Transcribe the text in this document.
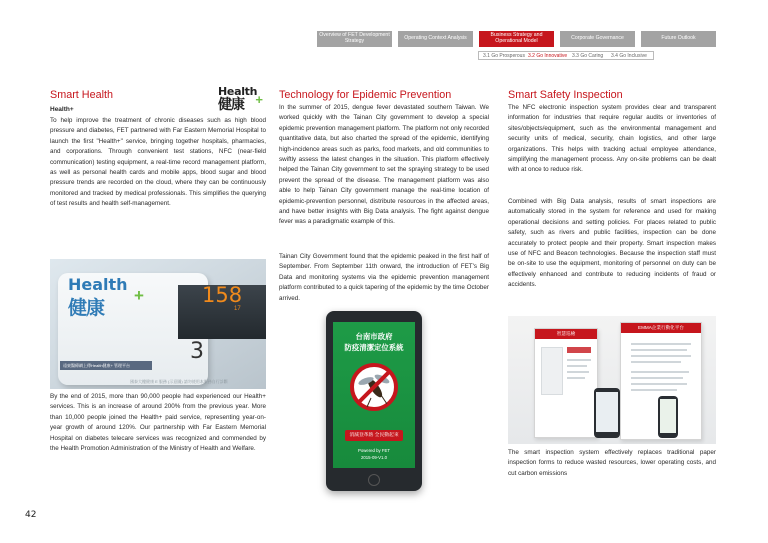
Overview of FET Development Strategy	Operating Context Analysis	Business Strategy and Operational Model	Corporate Governance	Future Outlook
3.1 Go Prosperous 3.2 Go Innovative 3.3 Go Caring 3.4 Go Inclusive
Smart Health	Health
健康 +
Health+
To help improve the treatment of chronic diseases such as high blood pressure and diabetes, FET partnered with Far Eastern Memorial Hospital to launch the first "Health+" service, bringing together hospitals, pharmacies, and corporations. Through convenient test stations, NFC (near-field communication) testing equipment, a real-time record management platform, as well as personal health cards and mobile apps, blood sugar and blood pressure trends are recorded on the cloud, where they can be continuously monitored and tracked by medical professionals. This simplifies the querying of test results and health self-management.
Health
健康
+	158
17
3
遠東醫療網上傳Health健康+ 管理平台
國泰大樓健康 E 服務 (示意圖) 請勿使用本服務自行診斷
By the end of 2015, more than 90,000 people had experienced our Health+ services. This is an increase of around 200% from the previous year. More than 10,000 people joined the Health+ paid service, representing year-on-year growth of around 120%. Our partnership with Far Eastern Memorial Hospital on diabetes telecare services was recognized and commended by the Health Promotion Administration of the Ministry of Health and Welfare.
Technology for Epidemic Prevention
In the summer of 2015, dengue fever devastated southern Taiwan. We worked quickly with the Tainan City government to develop a special epidemic prevention management platform. The platform not only recorded quantitative data, but also charted the spread of the epidemic, identifying high-incidence areas such as parks, food markets, and old communities to swiftly assess the latest changes in the situation. This platform effectively helped the Tainan City government to set the spraying strategy to be used prevent the spread of the disease. The management platform was also able to help Tainan City government manage the real-time location of epidemic-prevention personnel, distribute resources in the affected areas, and have better insights with Big Data analysis. The fight against dengue fever was a paradigmatic example of this.
Tainan City Government found that the epidemic peaked in the first half of September. From September 11th onward, the introduction of FET's Big Data and monitoring systems via the epidemic prevention management platform contributed to a quick tapering of the epidemic by the time October arrived.
台南市政府
防疫清潔定位系統
消滅登革熱 全民動起來
Powered by FET
2015-09-V1.0
Smart Safety Inspection
The NFC electronic inspection system provides clear and transparent information for industries that require regular audits or inventories of sites/objects/equipment, such as the environmental management and security units of medical, security, chain logistics, and other large organizations. This helps with tracking actual employee attendance, simplifying the management process. Any on-site problems can be dealt with at once to reduce risk.
Combined with Big Data analysis, results of smart inspections are automatically stored in the system for reference and used for making operational decisions and setting policies. For places related to public safety, such as rivers and public facilities, inspection can be done accurately to protect people and their property. Smart inspection makes use of NFC and Beacon technologies. Because the inspection staff must be on-site to use the equipment, monitoring of personnel on duty can be effectively enhanced and contribute to reducing incidents of fraud or accidents.
智慧巡檢
EMMA企業行動化平台
The smart inspection system effectively replaces traditional paper inspection forms to reduce wasted resources, lower operating costs, and cut carbon emissions
42
